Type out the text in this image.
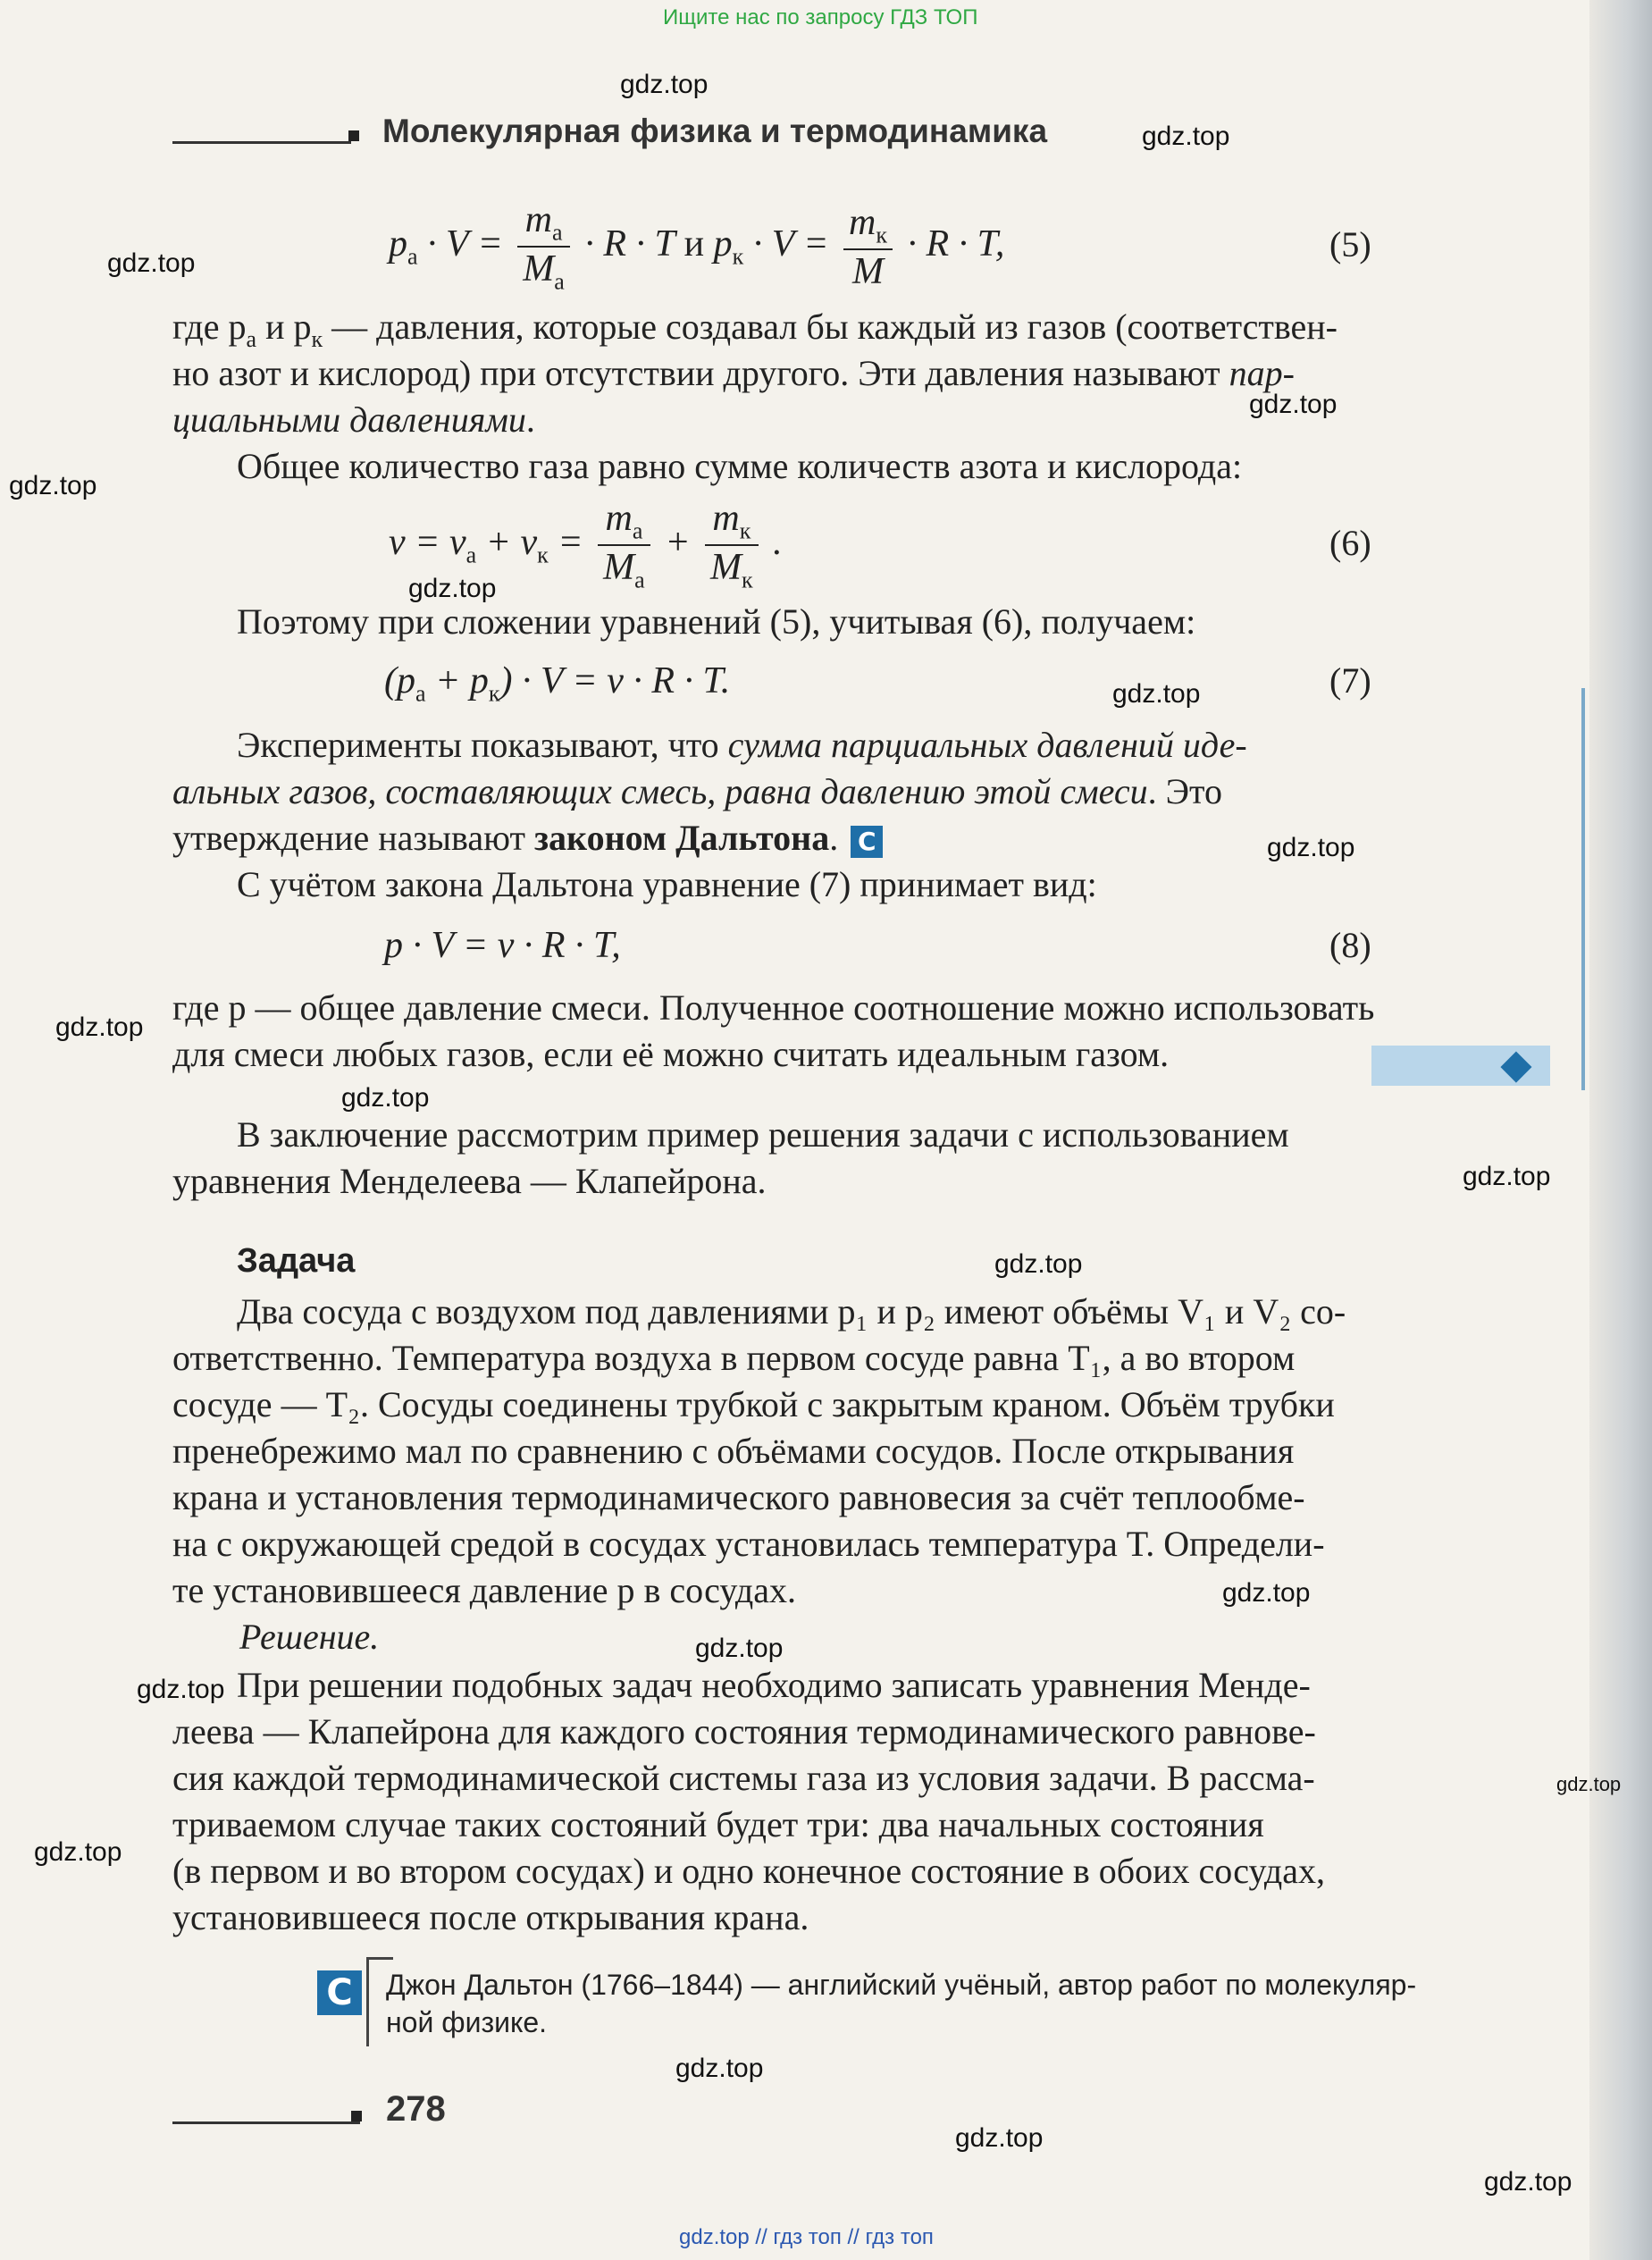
◆
Ищите нас по запросу ГДЗ ТОП
gdz.top
gdz.top
gdz.top
gdz.top
gdz.top
gdz.top
gdz.top
gdz.top
gdz.top
gdz.top
gdz.top
gdz.top
gdz.top
gdz.top
gdz.top
gdz.top
gdz.top
gdz.top
gdz.top
gdz.top
gdz.top // гдз топ // гдз топ
Молекулярная физика и термодинамика
$p_а \cdot V = \frac{m_а}{M_а} \cdot R \cdot T$ и $p_к \cdot V = \frac{m_к}{M} \cdot R \cdot T$,	(5)
где $p_а$ и $p_к$ — давления, которые создавал бы каждый из газов (соответствен-
но азот и кислород) при отсутствии другого. Эти давления называют пар-
циальными давлениями.
Общее количество газа равно сумме количеств азота и кислорода:
$\nu = \nu_а + \nu_к = \frac{m_а}{M_а} + \frac{m_к}{M_к}$ .	(6)
Поэтому при сложении уравнений (5), учитывая (6), получаем:
$(p_а + p_к) \cdot V = \nu \cdot R \cdot T$.	(7)
Эксперименты показывают, что сумма парциальных давлений иде-
альных газов, составляющих смесь, равна давлению этой смеси. Это
утверждение называют законом Дальтона. C
С учётом закона Дальтона уравнение (7) принимает вид:
p · V = ν · R · T,	(8)
где p — общее давление смеси. Полученное соотношение можно использовать
для смеси любых газов, если её можно считать идеальным газом.
В заключение рассмотрим пример решения задачи с использованием
уравнения Менделеева — Клапейрона.
Задача
Два сосуда с воздухом под давлениями p₁ и p₂ имеют объёмы V₁ и V₂ со-
ответственно. Температура воздуха в первом сосуде равна T₁, а во втором
сосуде — T₂. Сосуды соединены трубкой с закрытым краном. Объём трубки
пренебрежимо мал по сравнению с объёмами сосудов. После открывания
крана и установления термодинамического равновесия за счёт теплообме-
на с окружающей средой в сосудах установилась температура T. Определи-
те установившееся давление p в сосудах.
Решение.
При решении подобных задач необходимо записать уравнения Менде-
леева — Клапейрона для каждого состояния термодинамического равнове-
сия каждой термодинамической системы газа из условия задачи. В рассма-
триваемом случае таких состояний будет три: два начальных состояния
(в первом и во втором сосудах) и одно конечное состояние в обоих сосудах,
установившееся после открывания крана.
C	Джон Дальтон (1766–1844) — английский учёный, автор работ по молекуляр-
ной физике.
278
